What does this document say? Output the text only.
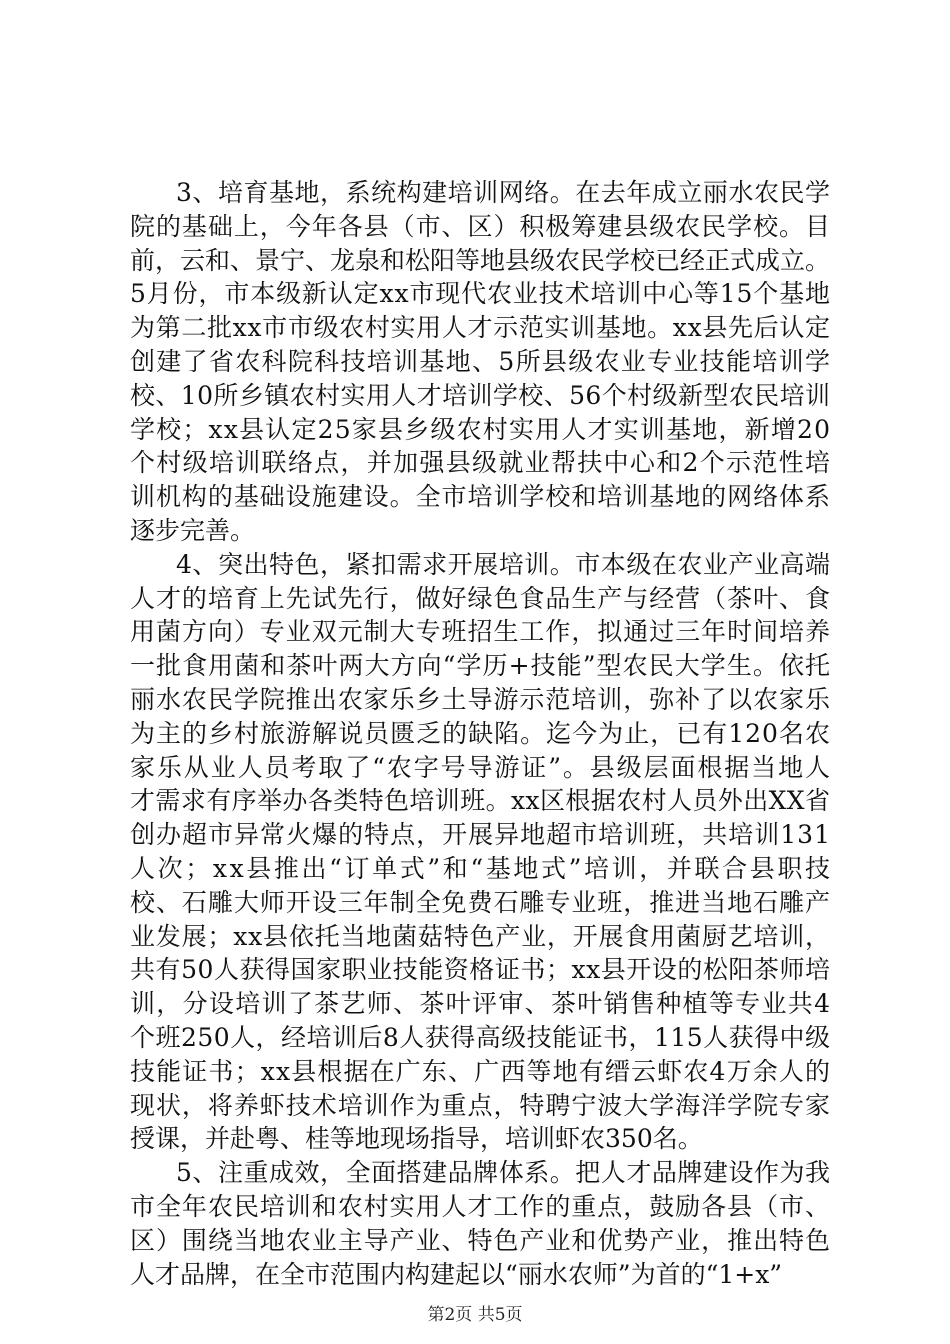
3、培育基地，系统构建培训网络。在去年成立丽水农民学
院的基础上，今年各县（市、区）积极筹建县级农民学校。目
前，云和、景宁、龙泉和松阳等地县级农民学校已经正式成立。
5月份，市本级新认定xx市现代农业技术培训中心等15个基地
为第二批xx市市级农村实用人才示范实训基地。xx县先后认定
创建了省农科院科技培训基地、5所县级农业专业技能培训学
校、10所乡镇农村实用人才培训学校、56个村级新型农民培训
学校；xx县认定25家县乡级农村实用人才实训基地，新增20
个村级培训联络点，并加强县级就业帮扶中心和2个示范性培
训机构的基础设施建设。全市培训学校和培训基地的网络体系
逐步完善。
4、突出特色，紧扣需求开展培训。市本级在农业产业高端
人才的培育上先试先行，做好绿色食品生产与经营（茶叶、食
用菌方向）专业双元制大专班招生工作，拟通过三年时间培养
一批食用菌和茶叶两大方向“学历+技能”型农民大学生。依托
丽水农民学院推出农家乐乡土导游示范培训，弥补了以农家乐
为主的乡村旅游解说员匮乏的缺陷。迄今为止，已有120名农
家乐从业人员考取了“农字号导游证”。县级层面根据当地人
才需求有序举办各类特色培训班。xx区根据农村人员外出XX省
创办超市异常火爆的特点，开展异地超市培训班，共培训131
人次；xx县推出“订单式”和“基地式”培训，并联合县职技
校、石雕大师开设三年制全免费石雕专业班，推进当地石雕产
业发展；xx县依托当地菌菇特色产业，开展食用菌厨艺培训，
共有50人获得国家职业技能资格证书；xx县开设的松阳茶师培
训，分设培训了茶艺师、茶叶评审、茶叶销售种植等专业共4
个班250人，经培训后8人获得高级技能证书，115人获得中级
技能证书；xx县根据在广东、广西等地有缙云虾农4万余人的
现状，将养虾技术培训作为重点，特聘宁波大学海洋学院专家
授课，并赴粤、桂等地现场指导，培训虾农350名。
5、注重成效，全面搭建品牌体系。把人才品牌建设作为我
市全年农民培训和农村实用人才工作的重点，鼓励各县（市、
区）围绕当地农业主导产业、特色产业和优势产业，推出特色
人才品牌，在全市范围内构建起以“丽水农师”为首的“1+x”
第2页 共5页
